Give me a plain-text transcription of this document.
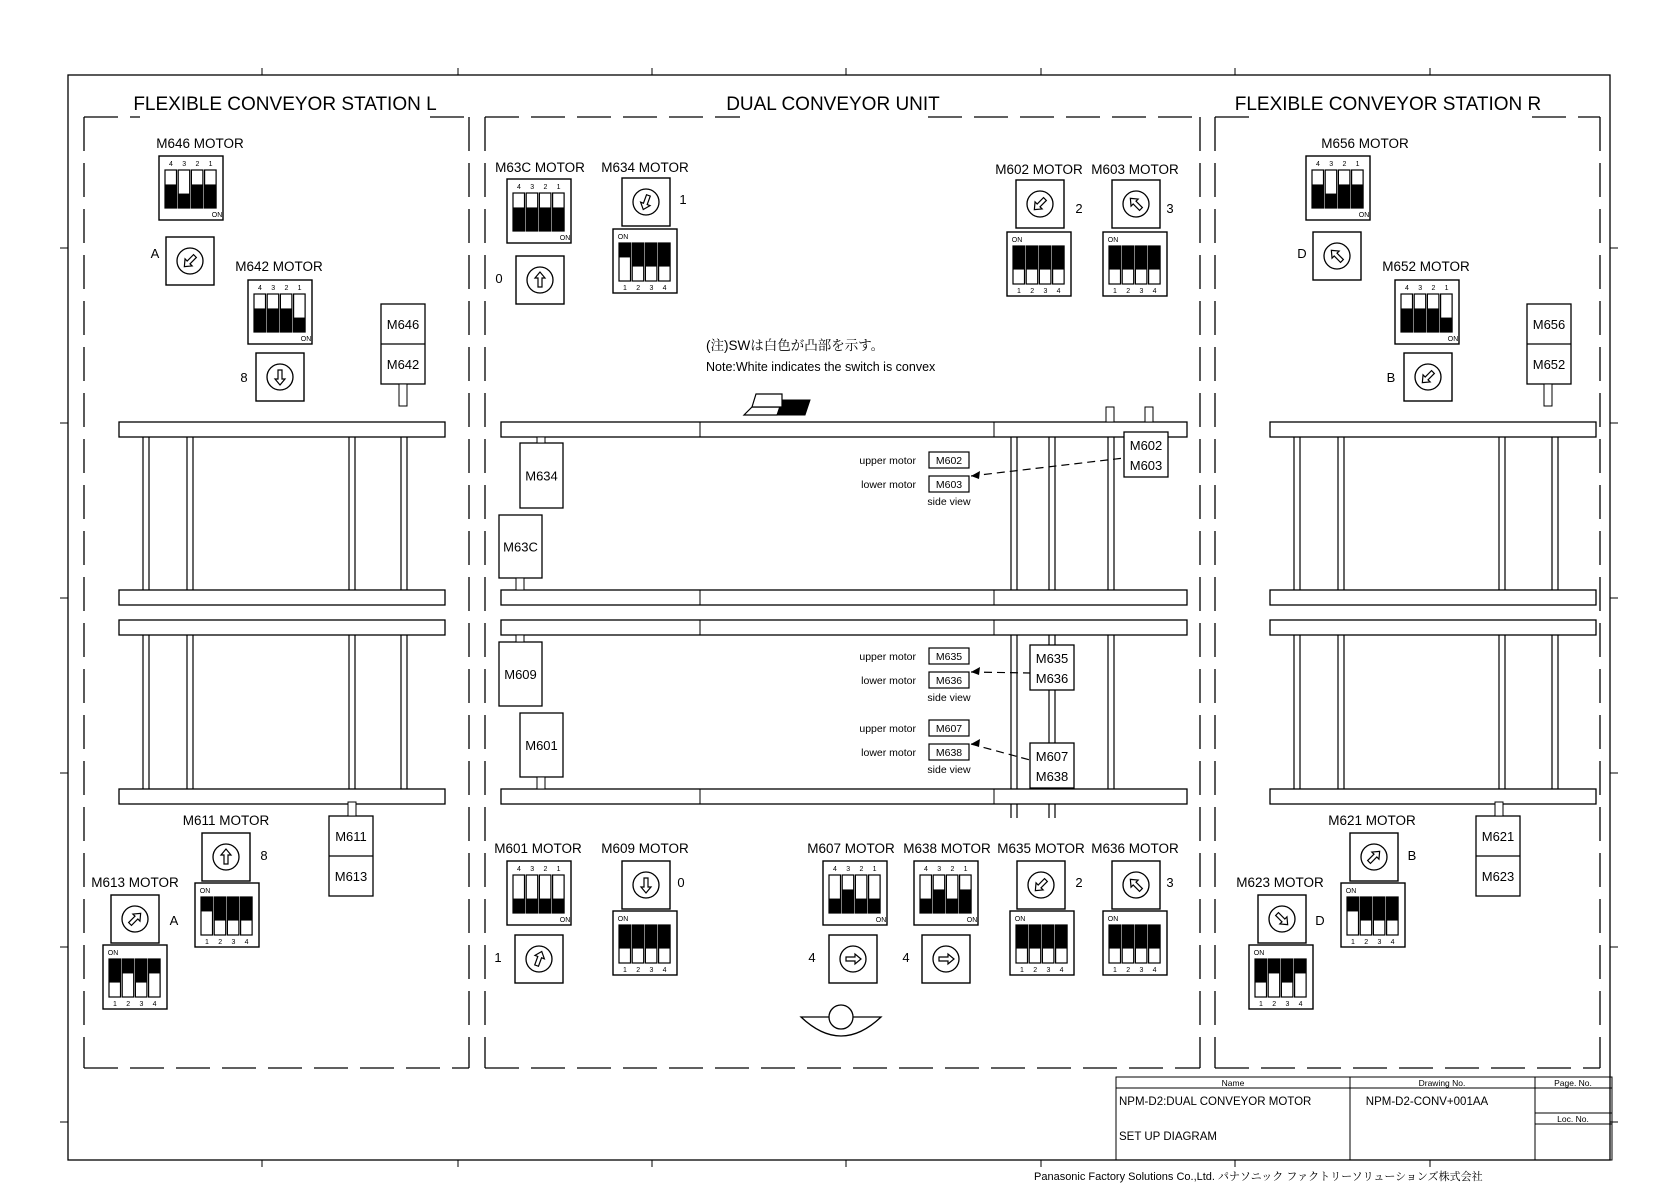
FLEXIBLE CONVEYOR STATION L	DUAL CONVEYOR UNIT	FLEXIBLE CONVEYOR STATION R
(注)SWは白色が凸部を示す。
Note:White indicates the switch is convex
M646 MOTOR
4 3 2 1
ON
A
M642 MOTOR
4 3 2 1
ON
8
M611 MOTOR
1 2 3 4
ON
8
M613 MOTOR
1 2 3 4
ON
A
M63C MOTOR
4 3 2 1
ON
0
M634 MOTOR
1 2 3 4
ON
1
M602 MOTOR
1 2 3 4
ON
2
M603 MOTOR
1 2 3 4
ON
3
M601 MOTOR
4 3 2 1
ON
1
M609 MOTOR
1 2 3 4
ON
0
M607 MOTOR
4 3 2 1
ON
4
M638 MOTOR
4 3 2 1
ON
4
M635 MOTOR
1 2 3 4
ON
2
M636 MOTOR
1 2 3 4
ON
3
M656 MOTOR
4 3 2 1
ON
D
M652 MOTOR
4 3 2 1
ON
B
M621 MOTOR
1 2 3 4
ON
B
M623 MOTOR
1 2 3 4
ON
D
M646
M642
M611
M613
M656
M652
M621
M623
M634
M63C
M609
M601
M602
M603
M635
M636
M607
M638
upper motor
lower motor
M602
M603
side view
upper motor
lower motor
M635
M636
side view
upper motor
lower motor
M607
M638
side view
Name
NPM-D2:DUAL CONVEYOR MOTOR
SET UP DIAGRAM
Drawing No.
NPM-D2-CONV+001AA
Page. No.
Loc. No.
Panasonic Factory Solutions Co.,Ltd. パナソニック ファクトリーソリューションズ株式会社
